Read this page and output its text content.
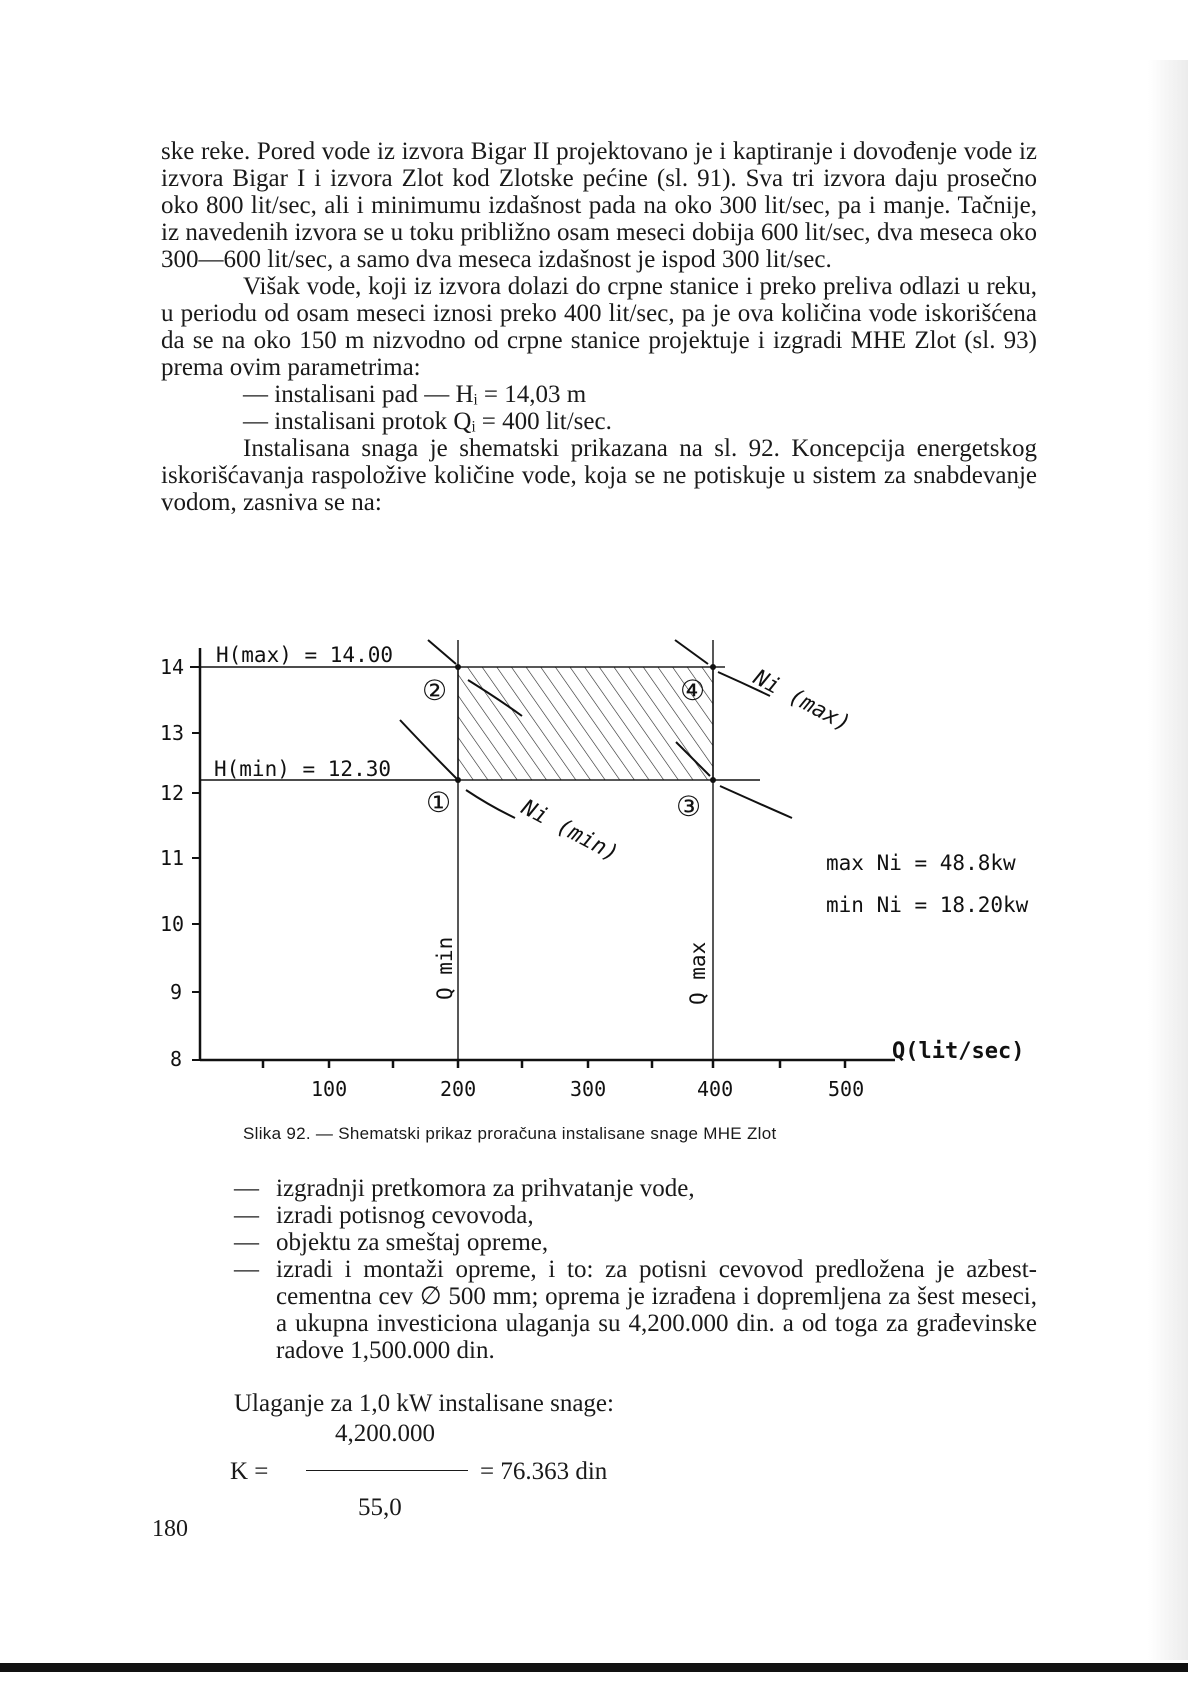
ske reke. Pored vode iz izvora Bigar II projektovano je i kaptiranje i dovođenje vode iz izvora Bigar I i izvora Zlot kod Zlotske pećine (sl. 91). Sva tri izvora daju prosečno oko 800 lit/sec, ali i minimumu izdašnost pada na oko 300 lit/sec, pa i manje. Tačnije, iz navedenih izvora se u toku približno osam meseci dobija 600 lit/sec, dva meseca oko 300—600 lit/sec, a samo dva meseca izdašnost je ispod 300 lit/sec.

Višak vode, koji iz izvora dolazi do crpne stanice i preko preliva odlazi u reku, u periodu od osam meseci iznosi preko 400 lit/sec, pa je ova količina vode iskorišćena da se na oko 150 m nizvodno od crpne stanice projektuje i izgradi MHE Zlot (sl. 93) prema ovim parametrima:

— instalisani pad — Hᵢ = 14,03 m

— instalisani protok Qᵢ = 400 lit/sec.

Instalisana snaga je shematski prikazana na sl. 92. Koncepcija energetskog iskorišćavanja raspoložive količine vode, koja se ne potiskuje u sistem za snabdevanje vodom, zasniva se na:

14
13
12
11
10
9
8
100	200	300	400	500
H(max) = 14.00
H(min) = 12.30
Q min	Q max
Ni (min)
Ni (max)
①
②
③
④
max Ni = 48.8kw
min Ni = 18.20kw
Q(lit/sec)
Slika 92. — Shematski prikaz proračuna instalisane snage MHE Zlot
— izgradnji pretkomora za prihvatanje vode,
— izradi potisnog cevovoda,
— objektu za smeštaj opreme,
— izradi i montaži opreme, i to: za potisni cevovod predložena je azbest-cementna cev ∅ 500 mm; oprema je izrađena i dopremljena za šest meseci, a ukupna investiciona ulaganja su 4,200.000 din. a od toga za građevinske radove 1,500.000 din.
Ulaganje za 1,0 kW instalisane snage:
K =
4,200.000
55,0
= 76.363 din
180
